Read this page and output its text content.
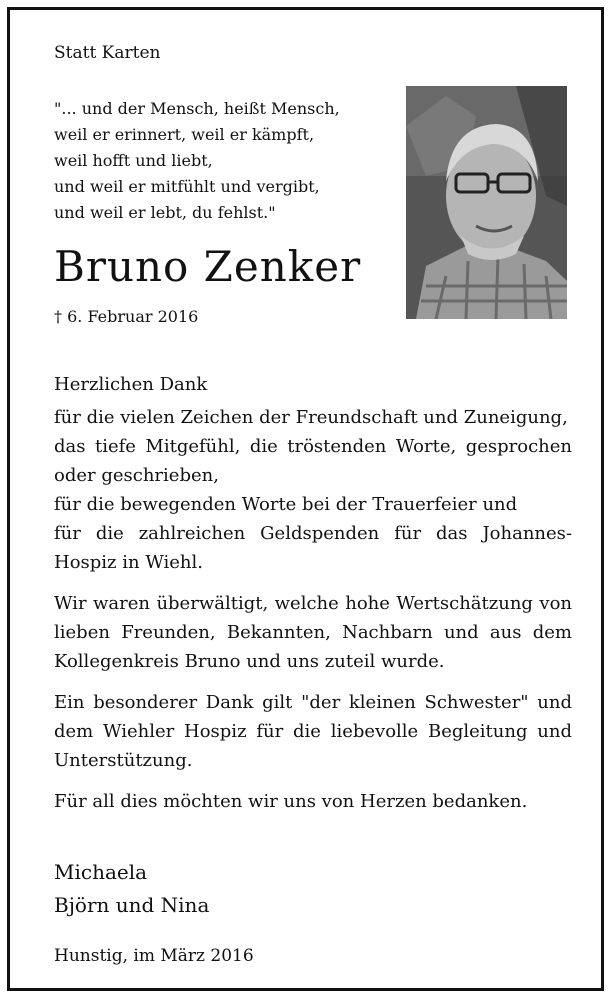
Statt Karten
"... und der Mensch, heißt Mensch,
weil er erinnert, weil er kämpft,
weil hofft und liebt,
und weil er mitfühlt und vergibt,
und weil er lebt, du fehlst."
Bruno Zenker
† 6. Februar 2016

Herzlichen Dank

für die vielen Zeichen der Freundschaft und Zuneigung,

das tiefe Mitgefühl, die tröstenden Worte, gesprochen oder geschrieben,

für die bewegenden Worte bei der Trauerfeier und

für die zahlreichen Geldspenden für das Johannes-Hospiz in Wiehl.

Wir waren überwältigt, welche hohe Wertschätzung von lieben Freunden, Bekannten, Nachbarn und aus dem Kollegenkreis Bruno und uns zuteil wurde.

Ein besonderer Dank gilt "der kleinen Schwester" und dem Wiehler Hospiz für die liebevolle Begleitung und Unterstützung.

Für all dies möchten wir uns von Herzen bedanken.

Michaela
Björn und Nina
Hunstig, im März 2016
